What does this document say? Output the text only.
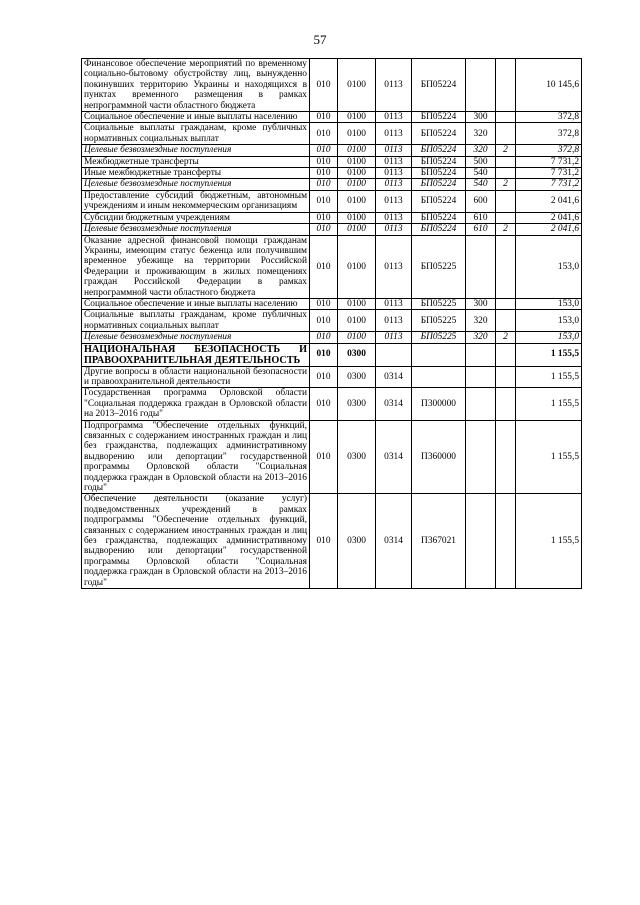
57
Финансовое обеспечение мероприятий по временному социально-бытовому обустройству лиц, вынужденно покинувших территорию Украины и находящихся в пунктах временного размещения в рамках непрограммной части областного бюджета	010	0100	0113	БП05224			10 145,6
Социальное обеспечение и иные выплаты населению	010	0100	0113	БП05224	300		372,8
Социальные выплаты гражданам, кроме публичных нормативных социальных выплат	010	0100	0113	БП05224	320		372,8
Целевые безвозмездные поступления	010	0100	0113	БП05224	320	2	372,8
Межбюджетные трансферты	010	0100	0113	БП05224	500		7 731,2
Иные межбюджетные трансферты	010	0100	0113	БП05224	540		7 731,2
Целевые безвозмездные поступления	010	0100	0113	БП05224	540	2	7 731,2
Предоставление субсидий бюджетным, автономным учреждениям и иным некоммерческим организациям	010	0100	0113	БП05224	600		2 041,6
Субсидии бюджетным учреждениям	010	0100	0113	БП05224	610		2 041,6
Целевые безвозмездные поступления	010	0100	0113	БП05224	610	2	2 041,6
Оказание адресной финансовой помощи гражданам Украины, имеющим статус беженца или получившим временное убежище на территории Российской Федерации и проживающим в жилых помещениях граждан Российской Федерации в рамках непрограммной части областного бюджета	010	0100	0113	БП05225			153,0
Социальное обеспечение и иные выплаты населению	010	0100	0113	БП05225	300		153,0
Социальные выплаты гражданам, кроме публичных нормативных социальных выплат	010	0100	0113	БП05225	320		153,0
Целевые безвозмездные поступления	010	0100	0113	БП05225	320	2	153,0
НАЦИОНАЛЬНАЯ БЕЗОПАСНОСТЬ И ПРАВООХРАНИТЕЛЬНАЯ ДЕЯТЕЛЬНОСТЬ	010	0300					1 155,5
Другие вопросы в области национальной безопасности и правоохранительной деятельности	010	0300	0314				1 155,5
Государственная программа Орловской области "Социальная поддержка граждан в Орловской области на 2013–2016 годы"	010	0300	0314	П300000			1 155,5
Подпрограмма "Обеспечение отдельных функций, связанных с содержанием иностранных граждан и лиц без гражданства, подлежащих административному выдворению или депортации" государственной программы Орловской области "Социальная поддержка граждан в Орловской области на 2013–2016 годы"	010	0300	0314	П360000			1 155,5
Обеспечение деятельности (оказание услуг) подведомственных учреждений в рамках подпрограммы "Обеспечение отдельных функций, связанных с содержанием иностранных граждан и лиц без гражданства, подлежащих административному выдворению или депортации" государственной программы Орловской области "Социальная поддержка граждан в Орловской области на 2013–2016 годы"	010	0300	0314	П367021			1 155,5
